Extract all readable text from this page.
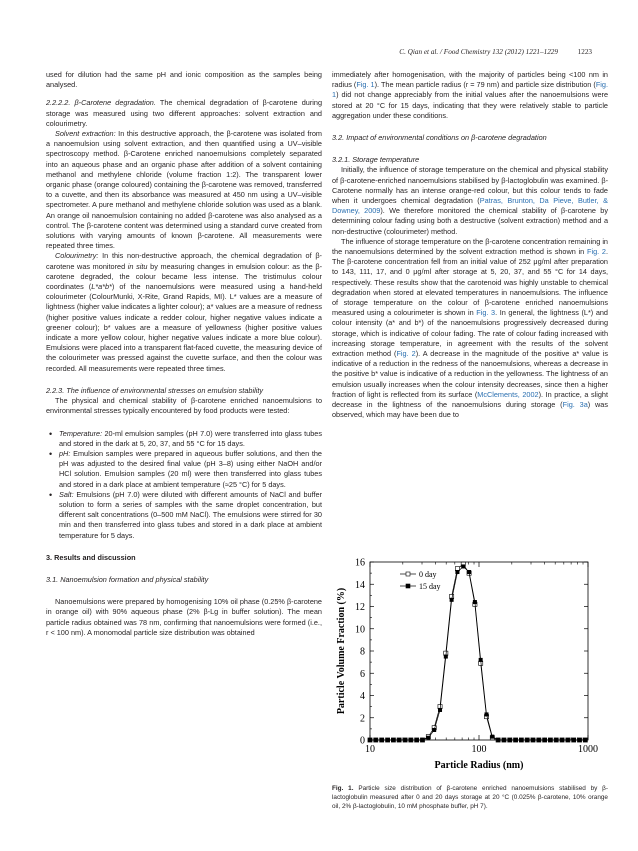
C. Qian et al. / Food Chemistry 132 (2012) 1221–1229	1223

used for dilution had the same pH and ionic composition as the samples being analysed.

2.2.2.2. β-Carotene degradation. The chemical degradation of β-carotene during storage was measured using two different approaches: solvent extraction and colourimetry.

Solvent extraction: In this destructive approach, the β-carotene was isolated from a nanoemulsion using solvent extraction, and then quantified using a UV–visible spectroscopy method. β-Carotene enriched nanoemulsions completely separated into an aqueous phase and an organic phase after addition of a solvent containing methanol and methylene chloride (volume fraction 1:2). The transparent lower organic phase (orange coloured) containing the β-carotene was removed, transferred to a cuvette, and then its absorbance was measured at 450 nm using a UV–visible spectrometer. A pure methanol and methylene chloride solution was used as a blank. An orange oil nanoemulsion containing no added β-carotene was also analysed as a control. The β-carotene content was determined using a standard curve created from solutions with varying amounts of known β-carotene. All measurements were repeated three times.

Colourimetry: In this non-destructive approach, the chemical degradation of β-carotene was monitored in situ by measuring changes in emulsion colour: as the β-carotene degraded, the colour became less intense. The tristimulus colour coordinates (L*a*b*) of the nanoemulsions were measured using a hand-held colourimeter (ColourMunki, X-Rite, Grand Rapids, MI). L* values are a measure of lightness (higher value indicates a lighter colour); a* values are a measure of redness (higher positive values indicate a redder colour, higher negative values indicate a greener colour); b* values are a measure of yellowness (higher positive values indicate a more yellow colour, higher negative values indicate a more blue colour). Emulsions were placed into a transparent flat-faced cuvette, the measuring device of the colourimeter was pressed against the cuvette surface, and then the colour was recorded. All measurements were repeated three times.

2.2.3. The influence of environmental stresses on emulsion stability

The physical and chemical stability of β-carotene enriched nanoemulsions to environmental stresses typically encountered by food products were tested:

• Temperature: 20-ml emulsion samples (pH 7.0) were transferred into glass tubes and stored in the dark at 5, 20, 37, and 55 °C for 15 days.
• pH: Emulsion samples were prepared in aqueous buffer solutions, and then the pH was adjusted to the desired final value (pH 3–8) using either NaOH and/or HCl solution. Emulsion samples (20 ml) were then transferred into glass tubes and stored in a dark place at ambient temperature (≈25 °C) for 5 days.
• Salt: Emulsions (pH 7.0) were diluted with different amounts of NaCl and buffer solution to form a series of samples with the same droplet concentration, but different salt concentrations (0–500 mM NaCl). The emulsions were stirred for 30 min and then transferred into glass tubes and stored in a dark place at ambient temperature for 5 days.

3. Results and discussion

3.1. Nanoemulsion formation and physical stability

Nanoemulsions were prepared by homogenising 10% oil phase (0.25% β-carotene in orange oil) with 90% aqueous phase (2% β-Lg in buffer solution). The mean particle radius obtained was 78 nm, confirming that nanoemulsions were formed (i.e., r < 100 nm). A monomodal particle size distribution was obtained

immediately after homogenisation, with the majority of particles being <100 nm in radius (Fig. 1). The mean particle radius (r = 79 nm) and particle size distribution (Fig. 1) did not change appreciably from the initial values after the nanoemulsions were stored at 20 °C for 15 days, indicating that they were relatively stable to particle aggregation under these conditions.

3.2. Impact of environmental conditions on β-carotene degradation

3.2.1. Storage temperature

Initially, the influence of storage temperature on the chemical and physical stability of β-carotene-enriched nanoemulsions stabilised by β-lactoglobulin was examined. β-Carotene normally has an intense orange-red colour, but this colour tends to fade when it undergoes chemical degradation (Patras, Brunton, Da Pieve, Butler, & Downey, 2009). We therefore monitored the chemical stability of β-carotene by determining colour fading using both a destructive (solvent extraction) method and a non-destructive (colourimeter) method.

The influence of storage temperature on the β-carotene concentration remaining in the nanoemulsions determined by the solvent extraction method is shown in Fig. 2. The β-carotene concentration fell from an initial value of 252 μg/ml after preparation to 143, 111, 17, and 0 μg/ml after storage at 5, 20, 37, and 55 °C for 14 days, respectively. These results show that the carotenoid was highly unstable to chemical degradation when stored at elevated temperatures in nanoemulsions. The influence of storage temperature on the colour of β-carotene enriched nanoemulsions measured using a colourimeter is shown in Fig. 3. In general, the lightness (L*) and colour intensity (a* and b*) of the nanoemulsions progressively decreased during storage, which is indicative of colour fading. The rate of colour fading increased with increasing storage temperature, in agreement with the results of the solvent extraction method (Fig. 2). A decrease in the magnitude of the positive a* value is indicative of a reduction in the redness of the nanoemulsions, whereas a decrease in the positive b* value is indicative of a reduction in the yellowness. The lightness of an emulsion usually increases when the colour intensity decreases, since then a higher fraction of light is reflected from its surface (McClements, 2002). In practice, a slight decrease in the lightness of the nanoemulsions during storage (Fig. 3a) was observed, which may have been due to

0
2
4
6
8
10
12
14
16
10	100	1000
Particle Radius (nm)
Particle Volume Fraction (%)
0 day
15 day
Fig. 1. Particle size distribution of β-carotene enriched nanoemulsions stabilised by β-lactoglobulin measured after 0 and 20 days storage at 20 °C (0.025% β-carotene, 10% orange oil, 2% β-lactoglobulin, 10 mM phosphate buffer, pH 7).
